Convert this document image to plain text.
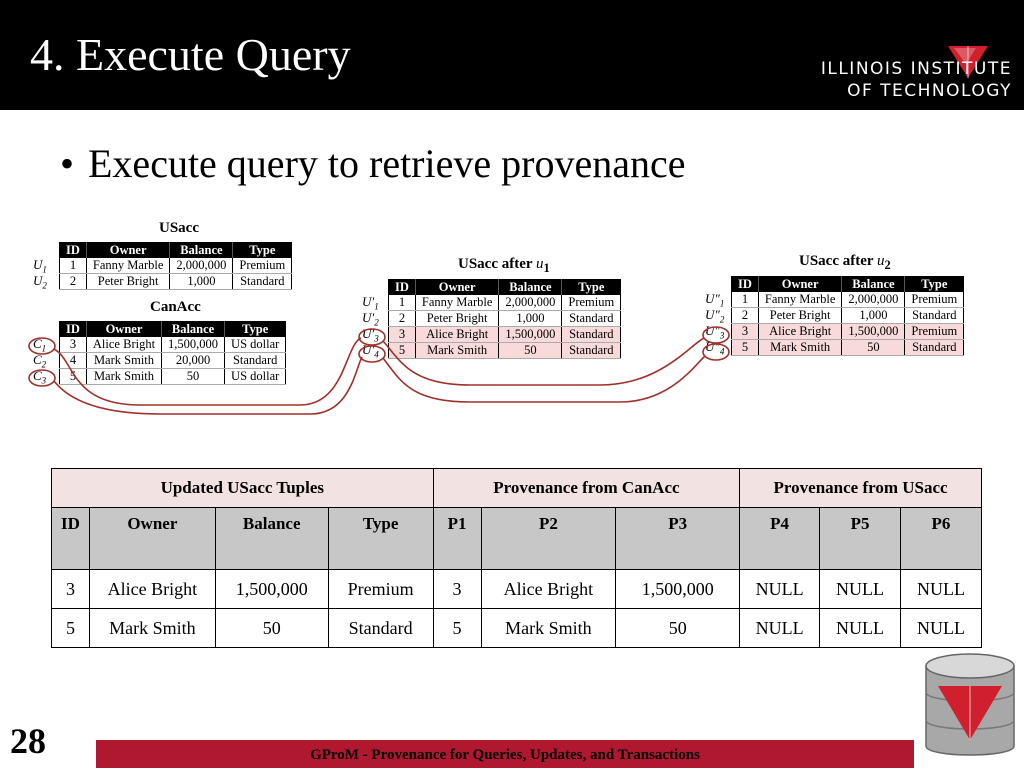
4. Execute Query	ILLINOIS INSTITUTE
OF TECHNOLOGY
• Execute query to retrieve provenance
USacc
ID	Owner	Balance	Type
1	Fanny Marble	2,000,000	Premium
2	Peter Bright	1,000	Standard
CanAcc
ID	Owner	Balance	Type
3	Alice Bright	1,500,000	US dollar
4	Mark Smith	20,000	Standard
5	Mark Smith	50	US dollar
USacc after $u_1$
ID	Owner	Balance	Type
1	Fanny Marble	2,000,000	Premium
2	Peter Bright	1,000	Standard
3	Alice Bright	1,500,000	Standard
5	Mark Smith	50	Standard
USacc after $u_2$
ID	Owner	Balance	Type
1	Fanny Marble	2,000,000	Premium
2	Peter Bright	1,000	Standard
3	Alice Bright	1,500,000	Premium
5	Mark Smith	50	Standard
$U_1$
$U_2$
$C_1$
$C_2$
$C_3$
$U'_1$
$U'_2$
$U'_3$
$U'_4$
$U''_1$
$U''_2$
$U''_3$
$U''_4$
Updated USacc Tuples				Provenance from CanAcc			Provenance from USacc		
ID	Owner	Balance	Type	P1	P2	P3	P4	P5	P6
3	Alice Bright	1,500,000	Premium	3	Alice Bright	1,500,000	NULL	NULL	NULL
5	Mark Smith	50	Standard	5	Mark Smith	50	NULL	NULL	NULL
28	GProM - Provenance for Queries, Updates, and Transactions
